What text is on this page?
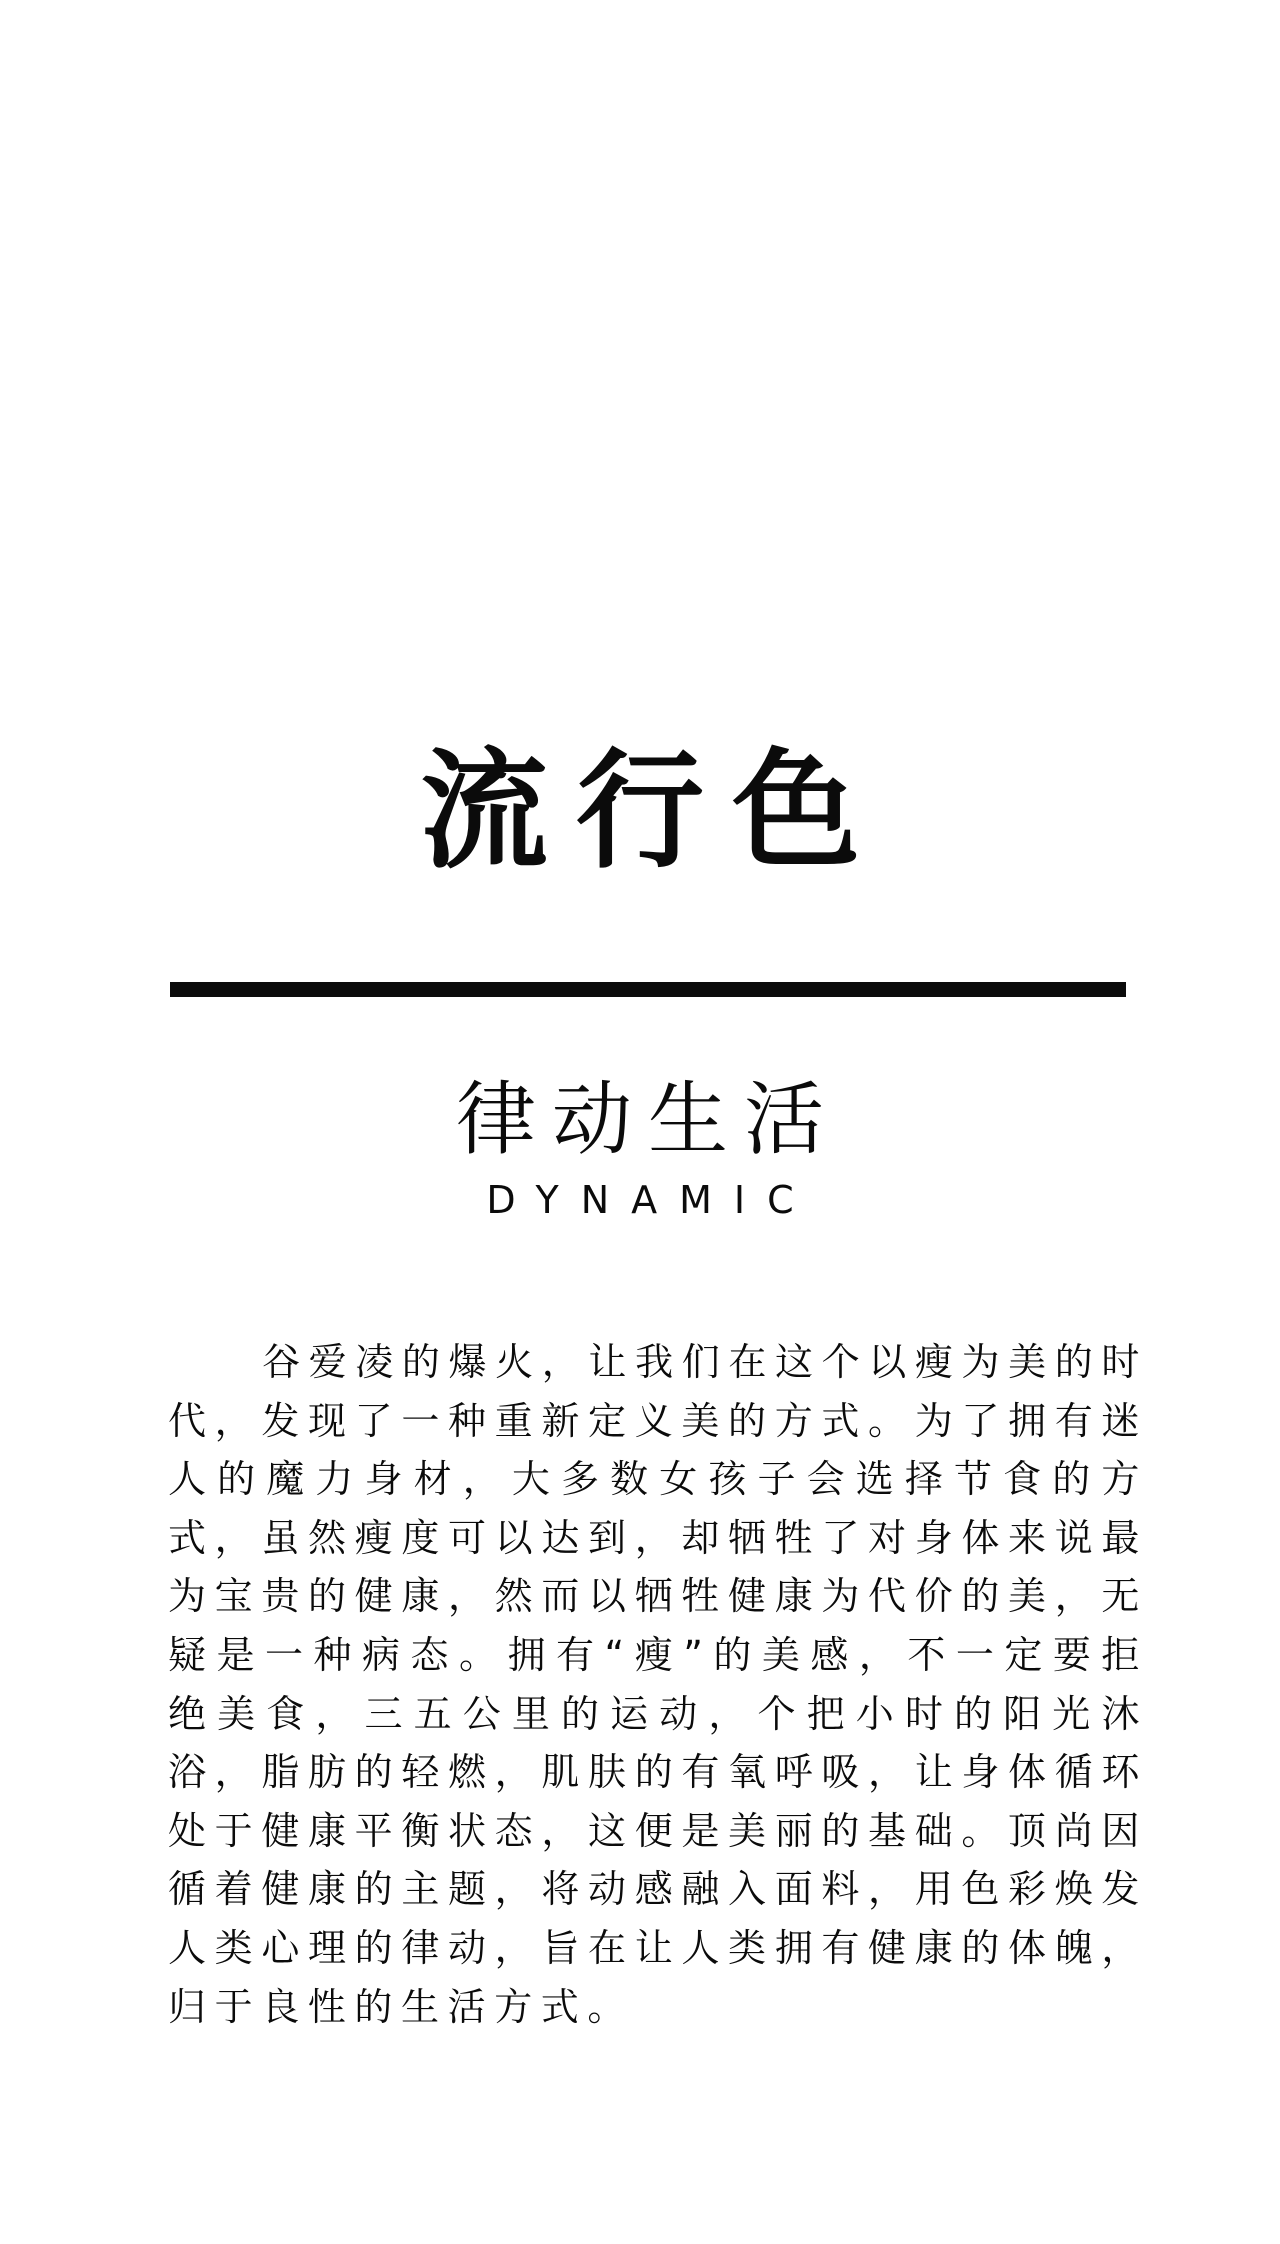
流行色
律动生活
DYNAMIC

谷爱凌的爆火，让我们在这个以瘦为美的时代，发现了一种重新定义美的方式。为了拥有迷人的魔力身材，大多数女孩子会选择节食的方式，虽然瘦度可以达到，却牺牲了对身体来说最为宝贵的健康，然而以牺牲健康为代价的美，无疑是一种病态。拥有“瘦”的美感，不一定要拒绝美食，三五公里的运动，个把小时的阳光沐浴，脂肪的轻燃，肌肤的有氧呼吸，让身体循环处于健康平衡状态，这便是美丽的基础。顶尚因循着健康的主题，将动感融入面料，用色彩焕发人类心理的律动，旨在让人类拥有健康的体魄，归于良性的生活方式。
